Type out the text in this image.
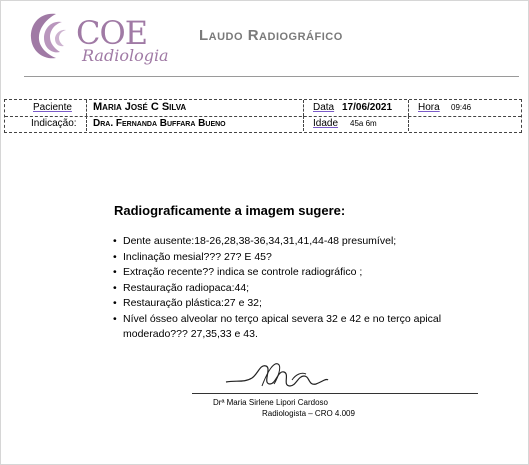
COE
Radiologia
Laudo Radiográfico
Paciente Maria José C Silva	Data 17/06/2021	Hora 09:46
Indicação: Dra. Fernanda Buffara Bueno	Idade 45a 6m
Radiograficamente a imagem sugere:
• Dente ausente:18-26,28,38-36,34,31,41,44-48 presumível;
• Inclinação mesial??? 27? E 45?
• Extração recente?? indica se controle radiográfico ;
• Restauração radiopaca:44;
• Restauração plástica:27 e 32;
• Nível ósseo alveolar no terço apical severa 32 e 42 e no terço apical moderado??? 27,35,33 e 43.
Drª Maria Sirlene Lipori Cardoso
Radiologista – CRO 4.009
